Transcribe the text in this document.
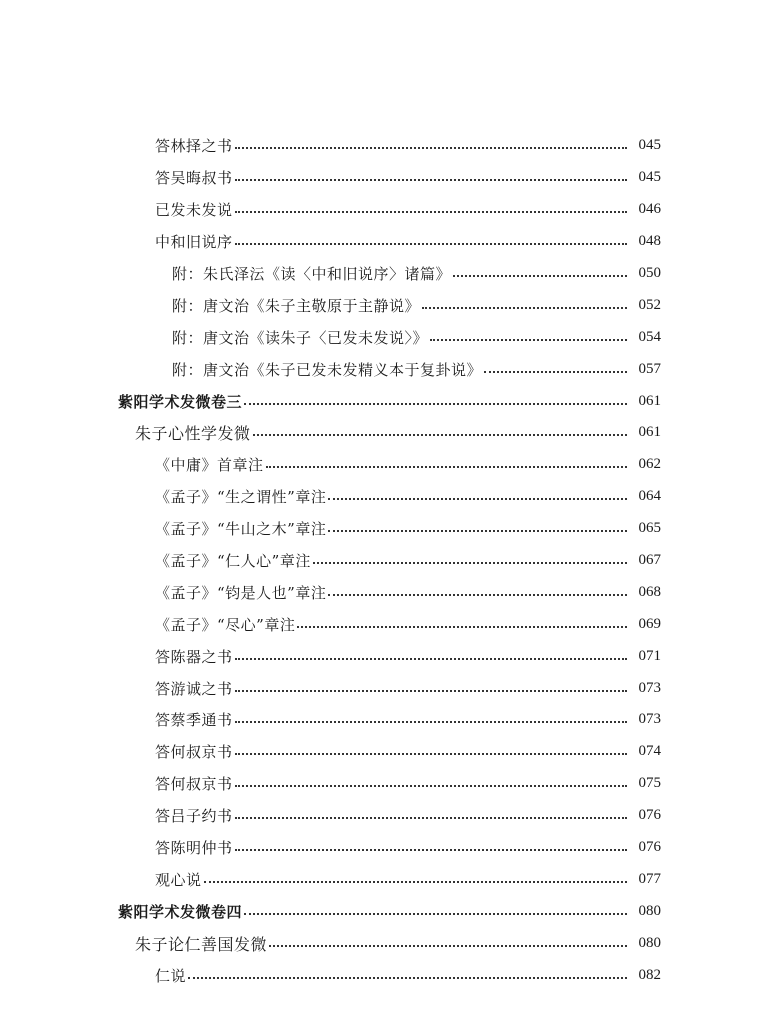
答林择之书	045
答吴晦叔书	045
已发未发说	046
中和旧说序	048
附：朱氏泽沄《读〈中和旧说序〉诸篇》	050
附：唐文治《朱子主敬原于主静说》	052
附：唐文治《读朱子〈已发未发说〉》	054
附：唐文治《朱子已发未发精义本于复卦说》	057
紫阳学术发微卷三	061
朱子心性学发微	061
《中庸》首章注	062
《孟子》“生之谓性”章注	064
《孟子》“牛山之木”章注	065
《孟子》“仁人心”章注	067
《孟子》“钧是人也”章注	068
《孟子》“尽心”章注	069
答陈器之书	071
答游诚之书	073
答蔡季通书	073
答何叔京书	074
答何叔京书	075
答吕子约书	076
答陈明仲书	076
观心说	077
紫阳学术发微卷四	080
朱子论仁善国发微	080
仁说	082
